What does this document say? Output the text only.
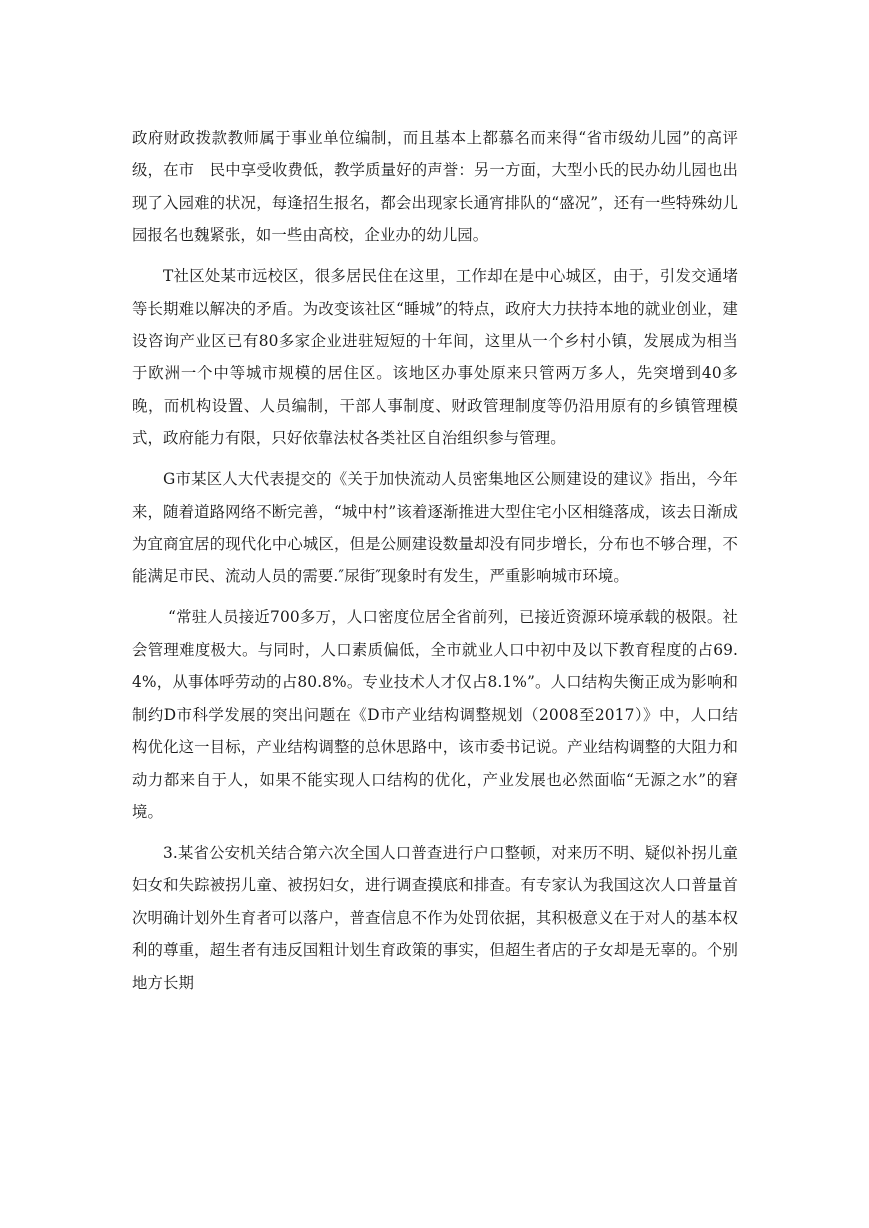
政府财政拨款教师属于事业单位编制，而且基本上都慕名而来得“省市级幼儿园”的高评级，在市　民中享受收费低，教学质量好的声誉：另一方面，大型小氏的民办幼儿园也出现了入园难的状况，每逢招生报名，都会出现家长通宵排队的“盛况”，还有一些特殊幼儿园报名也魏紧张，如一些由高校，企业办的幼儿园。

T社区处某市远校区，很多居民住在这里，工作却在是中心城区，由于，引发交通堵等长期难以解决的矛盾。为改变该社区“睡城”的特点，政府大力扶持本地的就业创业，建设咨询产业区已有80多家企业进驻短短的十年间，这里从一个乡村小镇，发展成为相当于欧洲一个中等城市规模的居住区。该地区办事处原来只管两万多人，先突增到40多晚，而机构设置、人员编制，干部人事制度、财政管理制度等仍沿用原有的乡镇管理模式，政府能力有限，只好依靠法杖各类社区自治组织参与管理。

G市某区人大代表提交的《关于加快流动人员密集地区公厕建设的建议》指出，今年来，随着道路网络不断完善，“城中村”该着逐渐推进大型住宅小区相缝落成，该去日渐成为宜商宜居的现代化中心城区，但是公厕建设数量却没有同步增长，分布也不够合理，不能满足市民、流动人员的需要.″尿街″现象时有发生，严重影响城市环境。

“常驻人员接近700多万，人口密度位居全省前列，已接近资源环境承载的极限。社会管理难度极大。与同时，人口素质偏低，全市就业人口中初中及以下教育程度的占69.4%，从事体呼劳动的占80.8%。专业技术人才仅占8.1%”。人口结构失衡正成为影响和制约D市科学发展的突出问题在《D市产业结构调整规划（2008至2017）》中，人口结构优化这一目标，产业结构调整的总休思路中，该市委书记说。产业结构调整的大阻力和动力都来自于人，如果不能实现人口结构的优化，产业发展也必然面临“无源之水”的窘境。

3.某省公安机关结合第六次全国人口普查进行户口整顿，对来历不明、疑似补拐儿童妇女和失踪被拐儿童、被拐妇女，进行调查摸底和排查。有专家认为我国这次人口普量首次明确计划外生育者可以落户，普查信息不作为处罚依据，其积极意义在于对人的基本权利的尊重，超生者有违反国粗计划生育政策的事实，但超生者店的子女却是无辜的。个别地方长期
